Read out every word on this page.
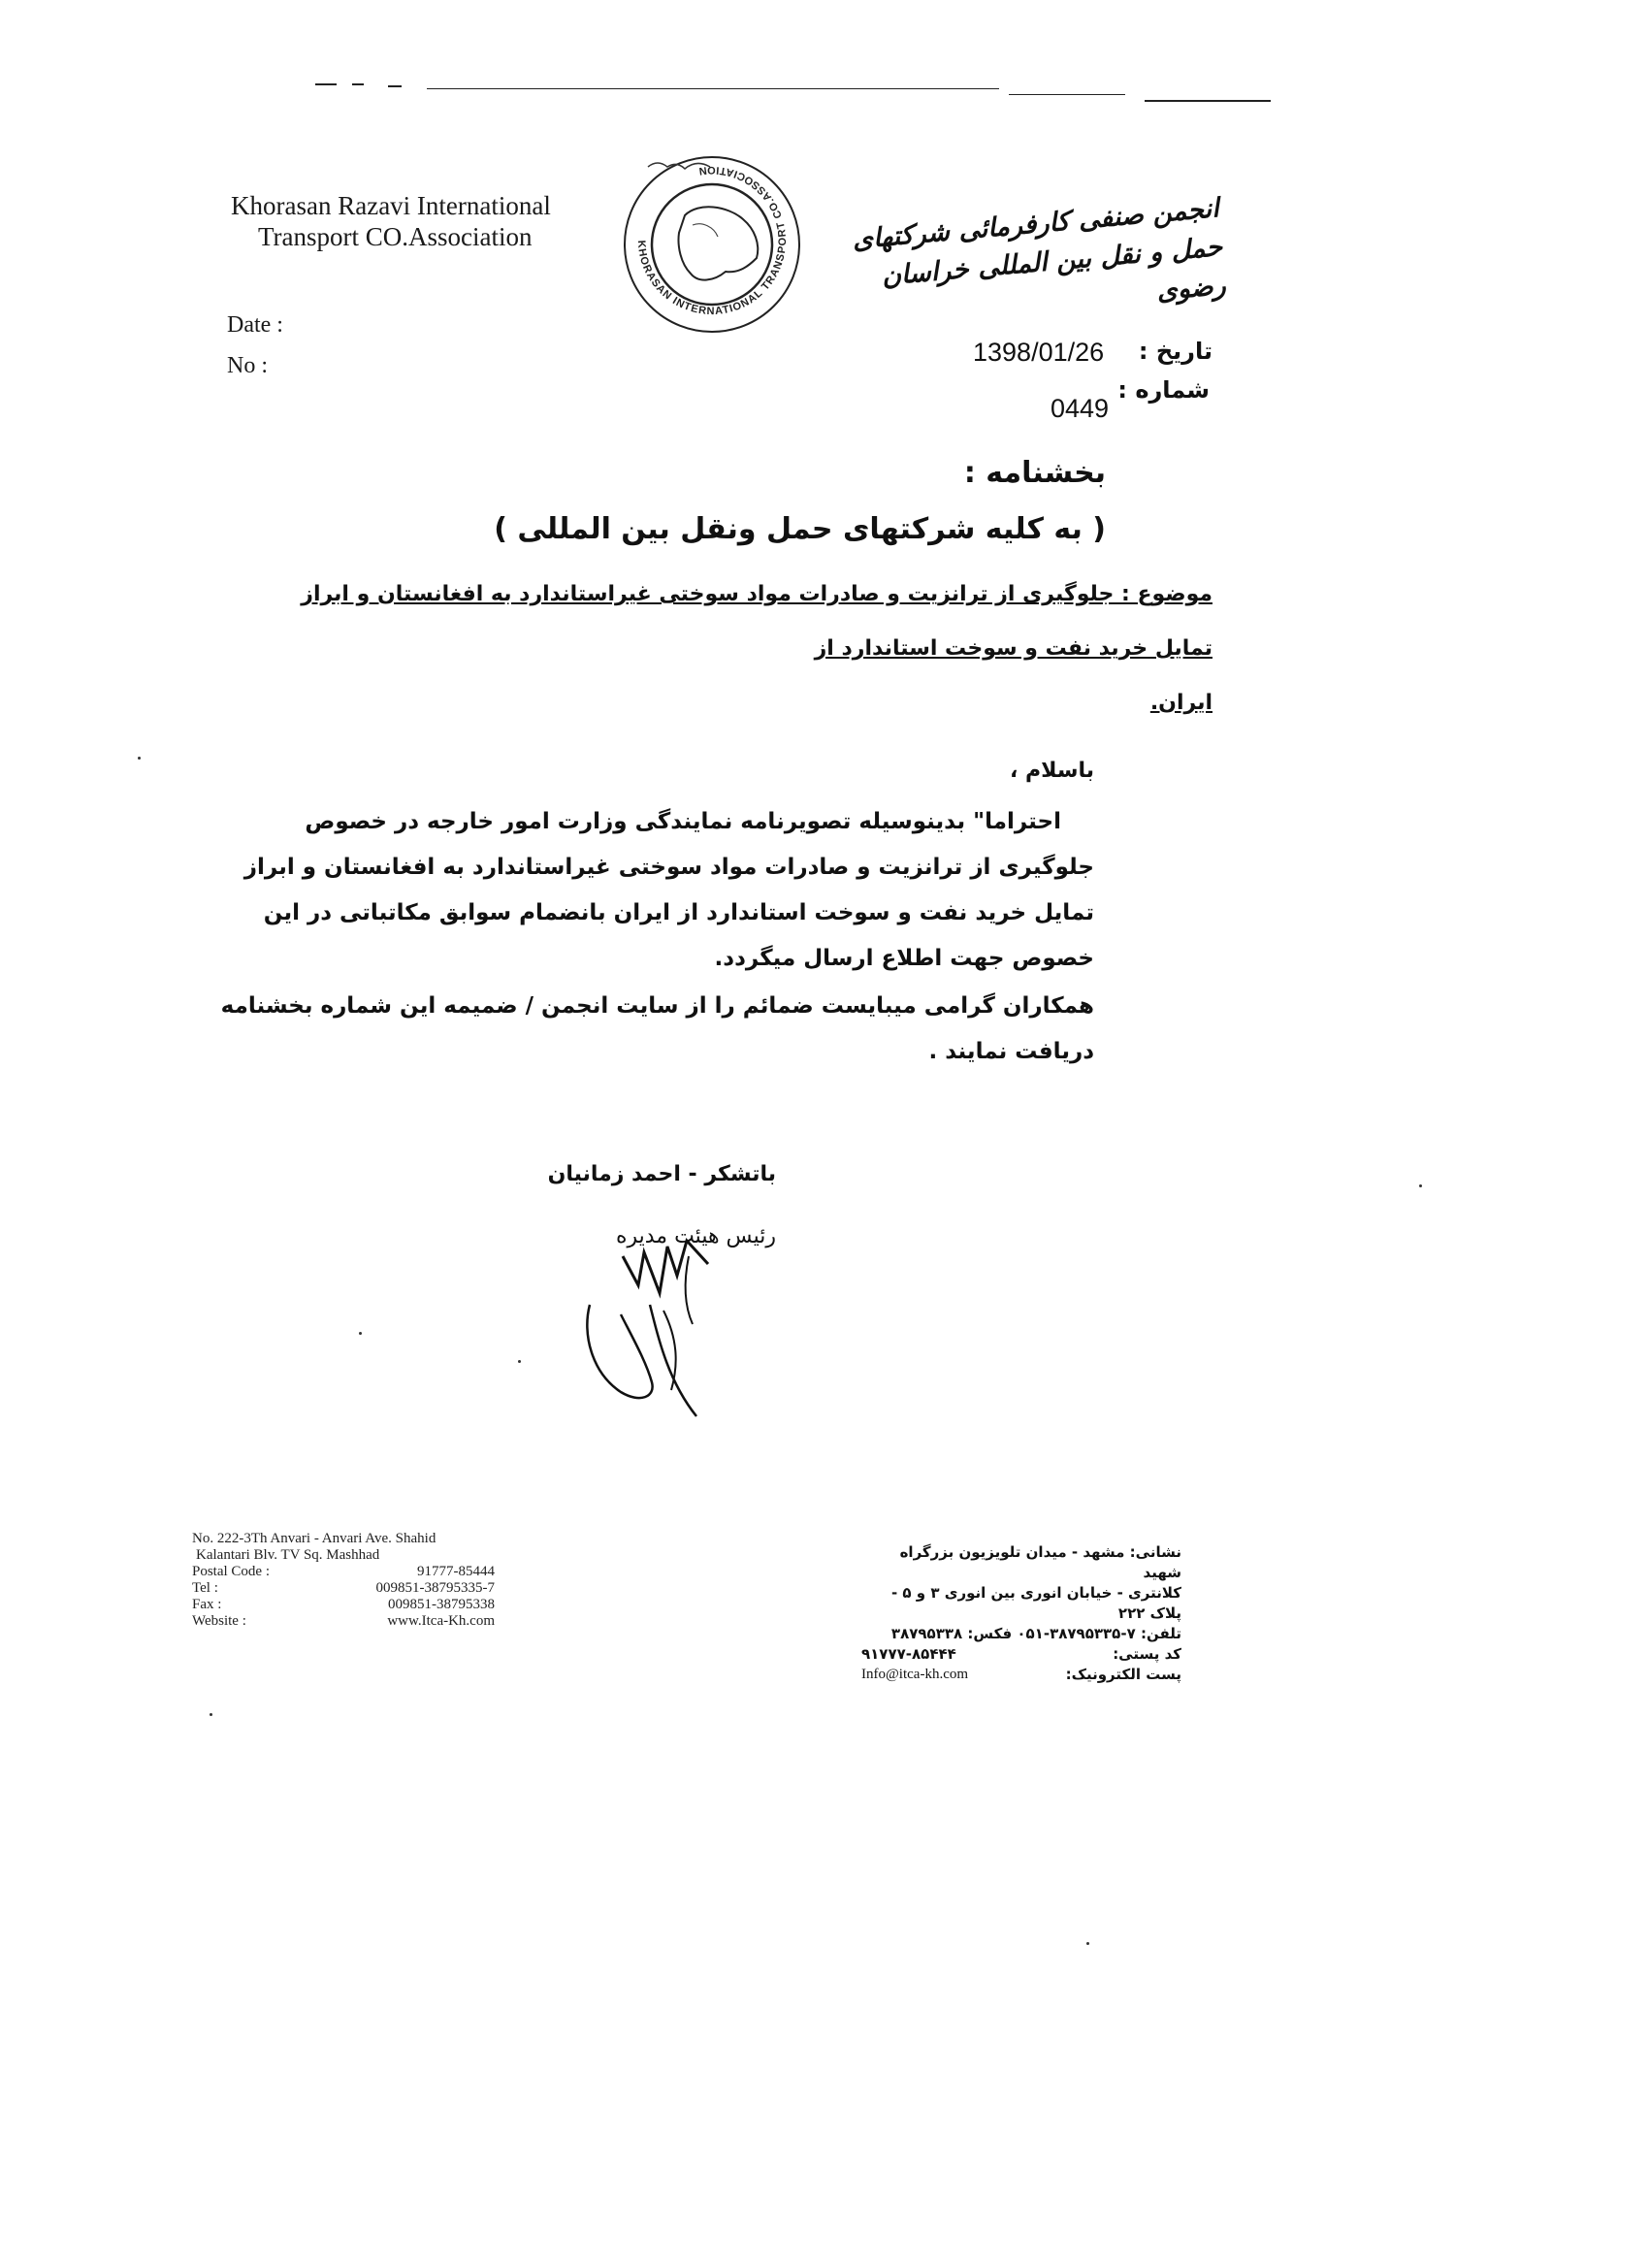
Khorasan Razavi International
Transport CO.Association	KHORASAN INTERNATIONAL TRANSPORT CO.ASSOCIATION
انجمن صنفی کارفرمائی شرکتهای حمل و نقل بین المللی خراسان رضوی
Date :
No :
تاریخ :
1398/01/26
شماره :
0449
بخشنامه :
( به کلیه شرکتهای حمل ونقل بین المللی )
موضوع : جلوگیری از ترانزیت و صادرات مواد سوختی غیراستاندارد به افغانستان و ابراز
تمایل خرید نفت و سوخت استاندارد از ایران.
باسلام ،

احتراما" بدینوسیله تصویرنامه نمایندگی وزارت امور خارجه در خصوص جلوگیری از ترانزیت و صادرات مواد سوختی غیراستاندارد به افغانستان و ابراز تمایل خرید نفت و سوخت استاندارد از ایران بانضمام سوابق مکاتباتی در این خصوص جهت اطلاع ارسال میگردد.

همکاران گرامی میبایست ضمائم را از سایت انجمن / ضمیمه این شماره بخشنامه دریافت نمایند .

باتشکر - احمد زمانیان
رئیس هیئت مدیره
No. 222-3Th Anvari - Anvari Ave. Shahid
Kalantari Blv. TV Sq. Mashhad
Postal Code :	91777-85444
Tel :	009851-38795335-7
Fax :	009851-38795338
Website :	www.Itca-Kh.com
نشانی: مشهد - میدان تلویزیون بزرگراه شهید
کلانتری - خیابان انوری بین انوری ۳ و ۵ - پلاک ۲۲۲
تلفن: ۷-۳۸۷۹۵۳۳۵-۰۵۱ فکس: ۳۸۷۹۵۳۳۸
کد پستی:
۹۱۷۷۷-۸۵۴۴۴
پست الکترونیک:
Info@itca-kh.com
